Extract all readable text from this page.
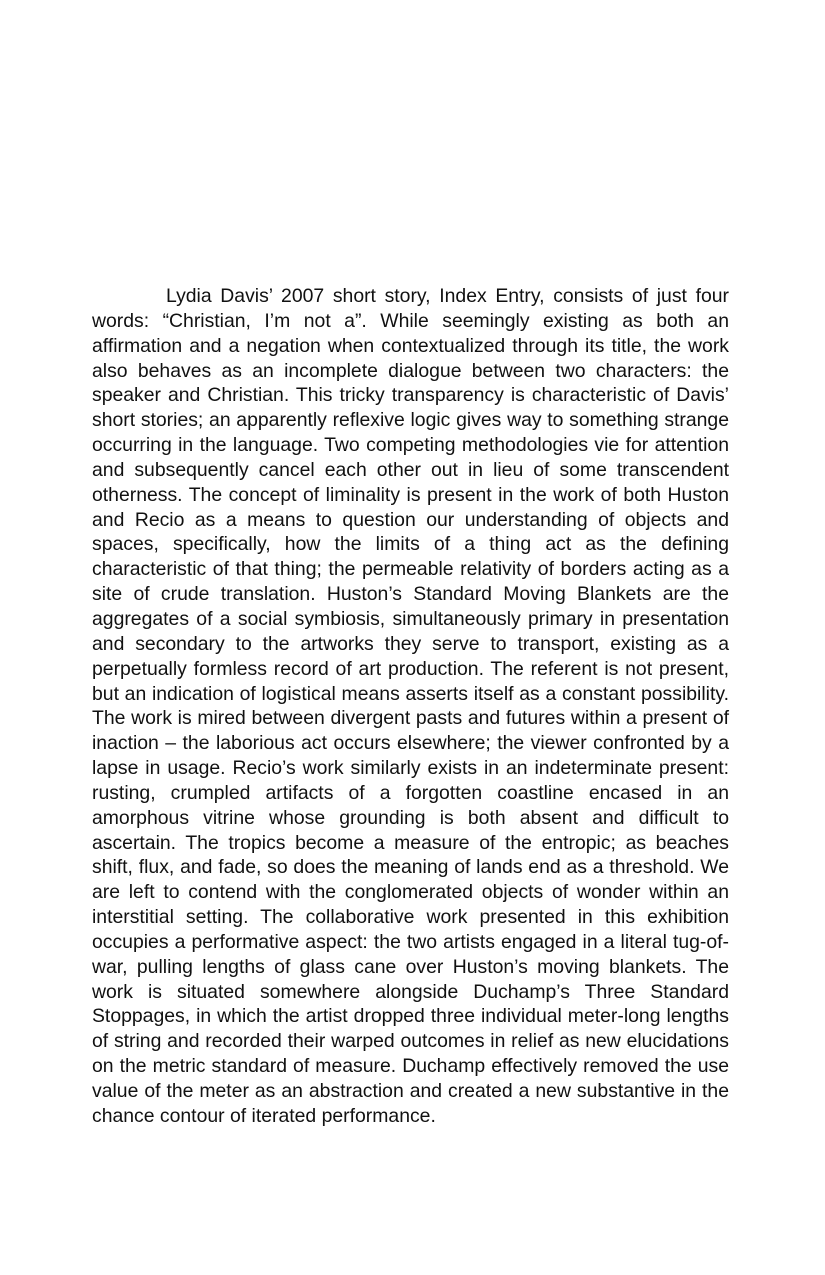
Lydia Davis’ 2007 short story, Index Entry, consists of just four words: “Christian, I’m not a”. While seemingly existing as both an affirmation and a negation when contextualized through its title, the work also behaves as an incomplete dialogue between two characters: the speaker and Christian. This tricky transparency is characteristic of Davis’ short stories; an apparently reflexive logic gives way to something strange occurring in the language. Two competing methodologies vie for attention and subsequently cancel each other out in lieu of some transcendent otherness. The concept of liminality is present in the work of both Huston and Recio as a means to question our understanding of objects and spaces, specifically, how the limits of a thing act as the defining characteristic of that thing; the permeable relativity of borders acting as a site of crude translation. Huston’s Standard Moving Blankets are the aggregates of a social symbiosis, simultaneously primary in presentation and secondary to the artworks they serve to transport, existing as a perpetually formless record of art production. The referent is not present, but an indication of logistical means asserts itself as a constant possibility. The work is mired between divergent pasts and futures within a present of inaction – the laborious act occurs elsewhere; the viewer confronted by a lapse in usage. Recio’s work similarly exists in an indeterminate present: rusting, crumpled artifacts of a forgotten coastline encased in an amorphous vitrine whose grounding is both absent and difficult to ascertain. The tropics become a measure of the entropic; as beaches shift, flux, and fade, so does the meaning of lands end as a threshold. We are left to contend with the conglomerated objects of wonder within an interstitial setting. The collaborative work presented in this exhibition occupies a performative aspect: the two artists engaged in a literal tug-of-war, pulling lengths of glass cane over Huston’s moving blankets. The work is situated somewhere alongside Duchamp’s Three Standard Stoppages, in which the artist dropped three individual meter-long lengths of string and recorded their warped outcomes in relief as new elucidations on the metric standard of measure. Duchamp effectively removed the use value of the meter as an abstraction and created a new substantive in the chance contour of iterated performance.
